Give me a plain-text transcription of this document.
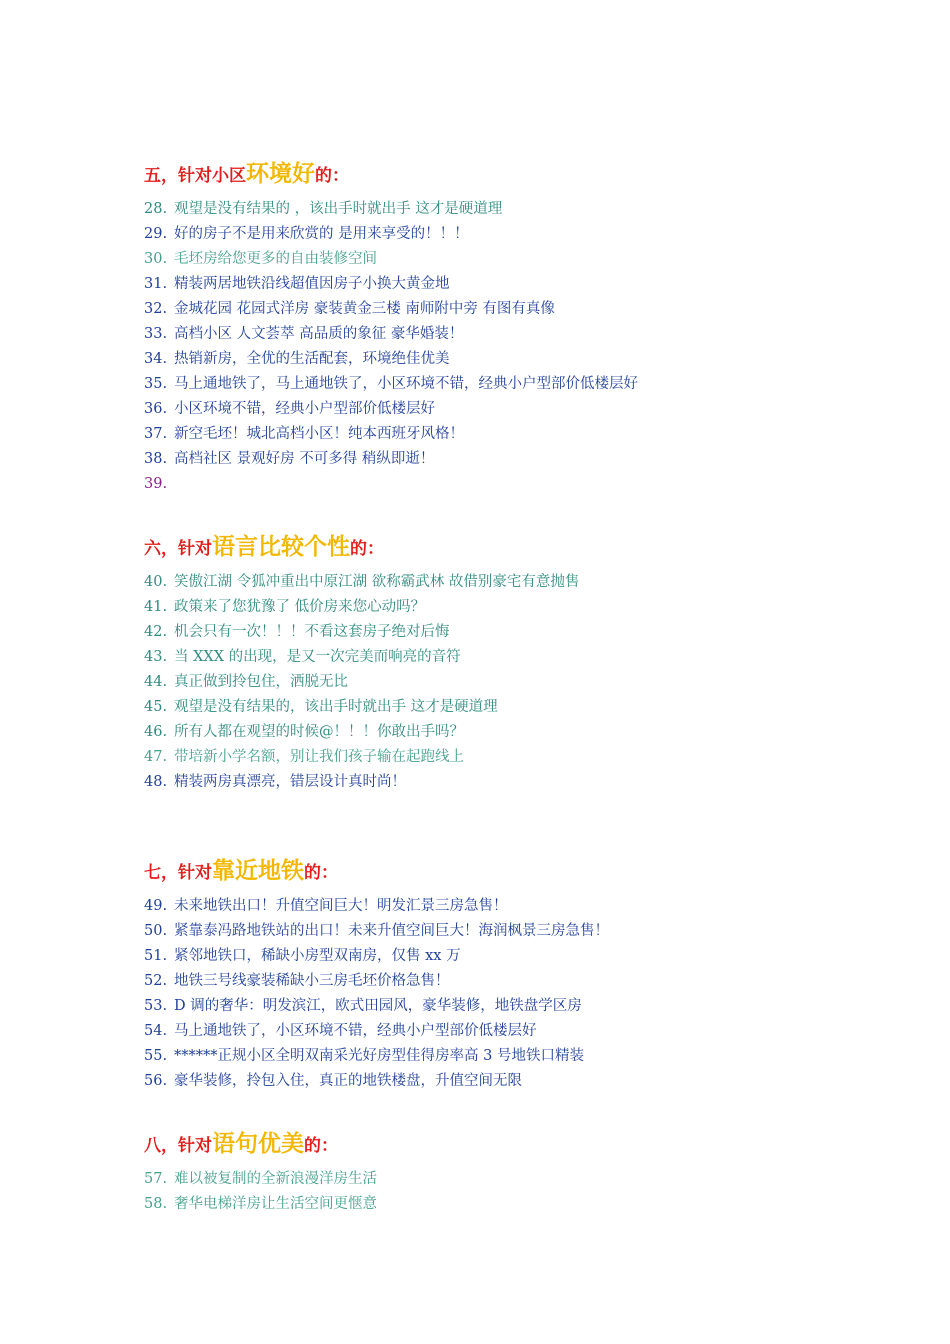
五，针对小区环境好的：
28. 观望是没有结果的 ，该出手时就出手 这才是硬道理
29. 好的房子不是用来欣赏的 是用来享受的！！！
30. 毛坯房给您更多的自由装修空间
31. 精装两居地铁沿线超值因房子小换大黄金地
32. 金城花园 花园式洋房 豪装黄金三楼 南师附中旁 有图有真像
33. 高档小区 人文荟萃 高品质的象征 豪华婚装！
34. 热销新房，全优的生活配套，环境绝佳优美
35. 马上通地铁了，马上通地铁了，小区环境不错，经典小户型部价低楼层好
36. 小区环境不错，经典小户型部价低楼层好
37. 新空毛坯！城北高档小区！纯本西班牙风格！
38. 高档社区 景观好房 不可多得 稍纵即逝！
39.
六，针对语言比较个性的：
40. 笑傲江湖 令狐冲重出中原江湖 欲称霸武林 故借别豪宅有意抛售
41. 政策来了您犹豫了 低价房来您心动吗？
42. 机会只有一次！！！不看这套房子绝对后悔
43. 当 XXX 的出现，是又一次完美而响亮的音符
44. 真正做到拎包住，洒脱无比
45. 观望是没有结果的，该出手时就出手 这才是硬道理
46. 所有人都在观望的时候@！！！你敢出手吗？
47. 带培新小学名额，别让我们孩子输在起跑线上
48. 精装两房真漂亮，错层设计真时尚！
七，针对靠近地铁的：
49. 未来地铁出口！升值空间巨大！明发汇景三房急售！
50. 紧靠泰冯路地铁站的出口！未来升值空间巨大！海润枫景三房急售！
51. 紧邻地铁口，稀缺小房型双南房，仅售 xx 万
52. 地铁三号线豪装稀缺小三房毛坯价格急售！
53. D 调的奢华：明发滨江，欧式田园风，豪华装修，地铁盘学区房
54. 马上通地铁了，小区环境不错，经典小户型部价低楼层好
55. ******正规小区全明双南采光好房型佳得房率高 3 号地铁口精装
56. 豪华装修，拎包入住，真正的地铁楼盘，升值空间无限
八，针对语句优美的：
57. 难以被复制的全新浪漫洋房生活
58. 奢华电梯洋房让生活空间更惬意
